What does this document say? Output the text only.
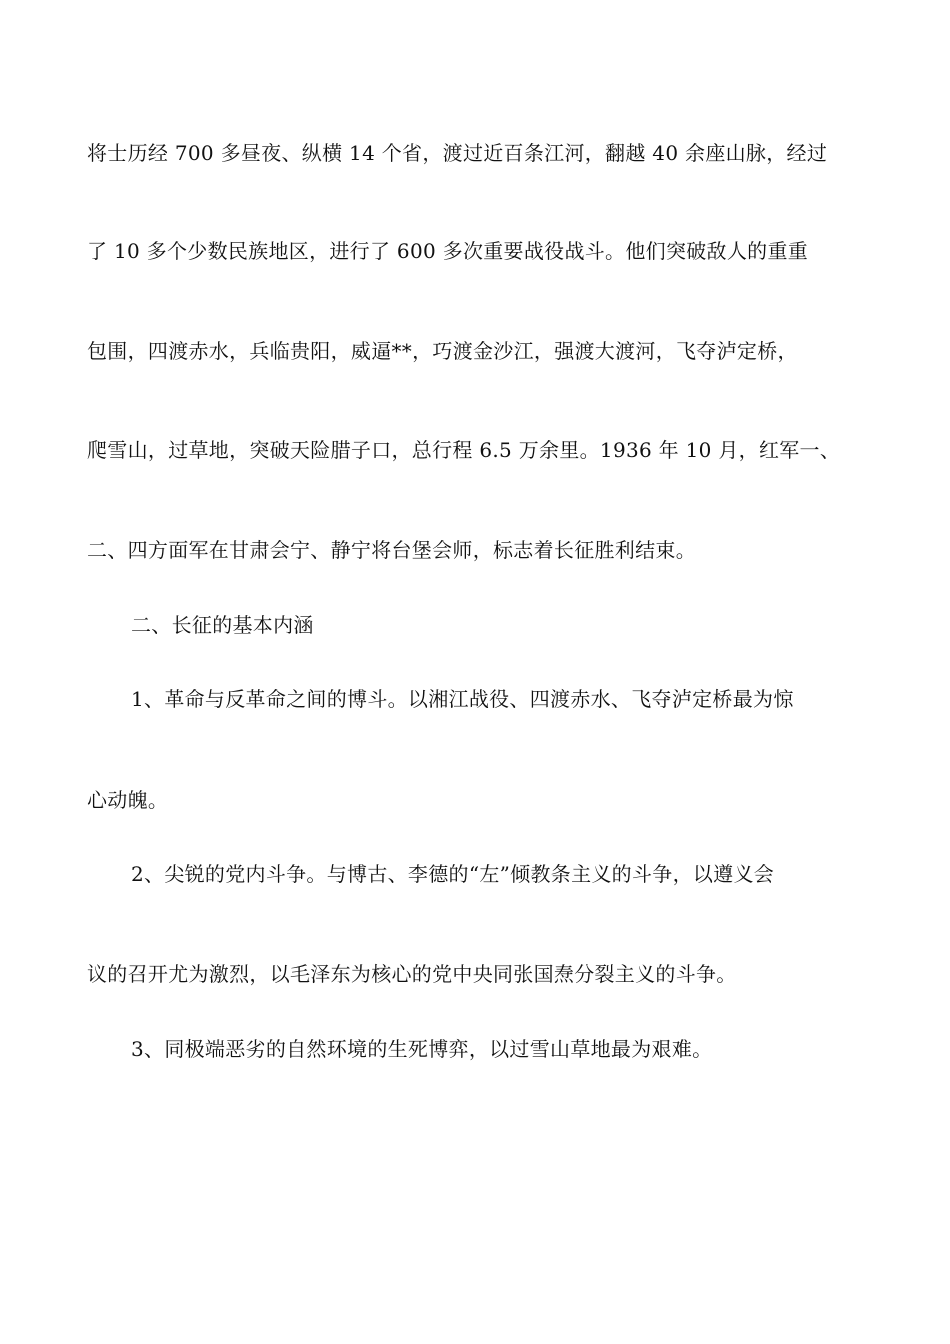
将士历经 700 多昼夜、纵横 14 个省，渡过近百条江河，翻越 40 余座山脉，经过
了 10 多个少数民族地区，进行了 600 多次重要战役战斗。他们突破敌人的重重
包围，四渡赤水，兵临贵阳，威逼**，巧渡金沙江，强渡大渡河，飞夺泸定桥，
爬雪山，过草地，突破天险腊子口，总行程 6.5 万余里。1936 年 10 月，红军一、
二、四方面军在甘肃会宁、静宁将台堡会师，标志着长征胜利结束。
二、长征的基本内涵
1、革命与反革命之间的博斗。以湘江战役、四渡赤水、飞夺泸定桥最为惊
心动魄。
2、尖锐的党内斗争。与博古、李德的“左”倾教条主义的斗争，以遵义会
议的召开尤为激烈，以毛泽东为核心的党中央同张国焘分裂主义的斗争。
3、同极端恶劣的自然环境的生死博弈，以过雪山草地最为艰难。
